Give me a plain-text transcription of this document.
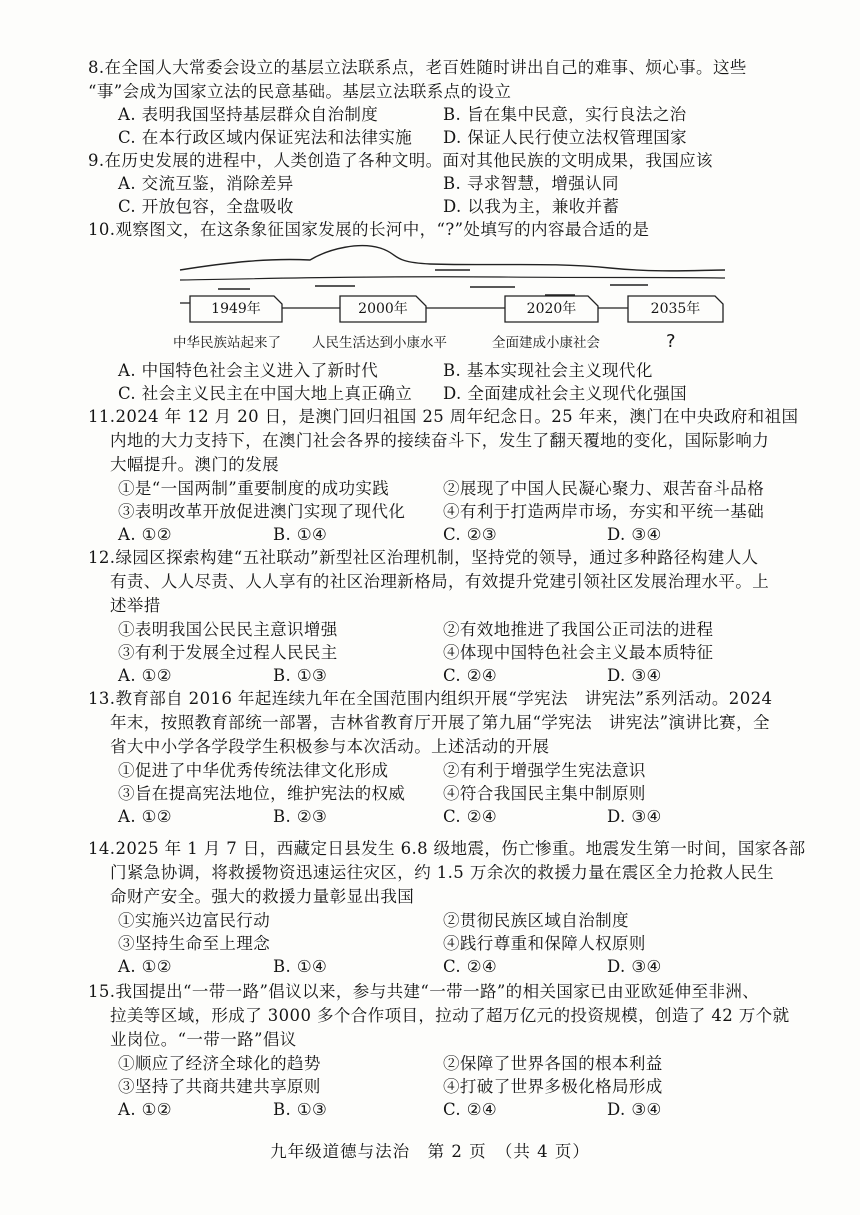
8.在全国人大常委会设立的基层立法联系点，老百姓随时讲出自己的难事、烦心事。这些
“事”会成为国家立法的民意基础。基层立法联系点的设立
A. 表明我国坚持基层群众自治制度	B. 旨在集中民意，实行良法之治
C. 在本行政区域内保证宪法和法律实施 D. 保证人民行使立法权管理国家
9.在历史发展的进程中，人类创造了各种文明。面对其他民族的文明成果，我国应该
A. 交流互鉴，消除差异	B. 寻求智慧，增强认同
C. 开放包容，全盘吸收	D. 以我为主，兼收并蓄
10.观察图文，在这条象征国家发展的长河中，“?”处填写的内容最合适的是
1949年	2000年	2020年	2035年
中华民族站起来了 人民生活达到小康水平	全面建成小康社会	?
A. 中国特色社会主义进入了新时代	B. 基本实现社会主义现代化
C. 社会主义民主在中国大地上真正确立 D. 全面建成社会主义现代化强国
11.2024 年 12 月 20 日，是澳门回归祖国 25 周年纪念日。25 年来，澳门在中央政府和祖国
内地的大力支持下，在澳门社会各界的接续奋斗下，发生了翻天覆地的变化，国际影响力
大幅提升。澳门的发展
①是“一国两制”重要制度的成功实践	②展现了中国人民凝心聚力、艰苦奋斗品格
③表明改革开放促进澳门实现了现代化 ④有利于打造两岸市场，夯实和平统一基础
A. ①②	B. ①④	C. ②③	D. ③④
12.绿园区探索构建“五社联动”新型社区治理机制，坚持党的领导，通过多种路径构建人人
有责、人人尽责、人人享有的社区治理新格局，有效提升党建引领社区发展治理水平。上
述举措
①表明我国公民民主意识增强	②有效地推进了我国公正司法的进程
③有利于发展全过程人民民主	④体现中国特色社会主义最本质特征
A. ①②	B. ①③	C. ②④	D. ③④
13.教育部自 2016 年起连续九年在全国范围内组织开展“学宪法　讲宪法”系列活动。2024
年末，按照教育部统一部署，吉林省教育厅开展了第九届“学宪法　讲宪法”演讲比赛，全
省大中小学各学段学生积极参与本次活动。上述活动的开展
①促进了中华优秀传统法律文化形成	②有利于增强学生宪法意识
③旨在提高宪法地位，维护宪法的权威 ④符合我国民主集中制原则
A. ①②	B. ②③	C. ②④	D. ③④
14.2025 年 1 月 7 日，西藏定日县发生 6.8 级地震，伤亡惨重。地震发生第一时间，国家各部
门紧急协调，将救援物资迅速运往灾区，约 1.5 万余次的救援力量在震区全力抢救人民生
命财产安全。强大的救援力量彰显出我国
①实施兴边富民行动	②贯彻民族区域自治制度
③坚持生命至上理念	④践行尊重和保障人权原则
A. ①②	B. ①④	C. ②④	D. ③④
15.我国提出“一带一路”倡议以来，参与共建“一带一路”的相关国家已由亚欧延伸至非洲、
拉美等区域，形成了 3000 多个合作项目，拉动了超万亿元的投资规模，创造了 42 万个就
业岗位。“一带一路”倡议
①顺应了经济全球化的趋势	②保障了世界各国的根本利益
③坚持了共商共建共享原则	④打破了世界多极化格局形成
A. ①②	B. ①③	C. ②④	D. ③④
九年级道德与法治　第 2 页　（共 4 页）
